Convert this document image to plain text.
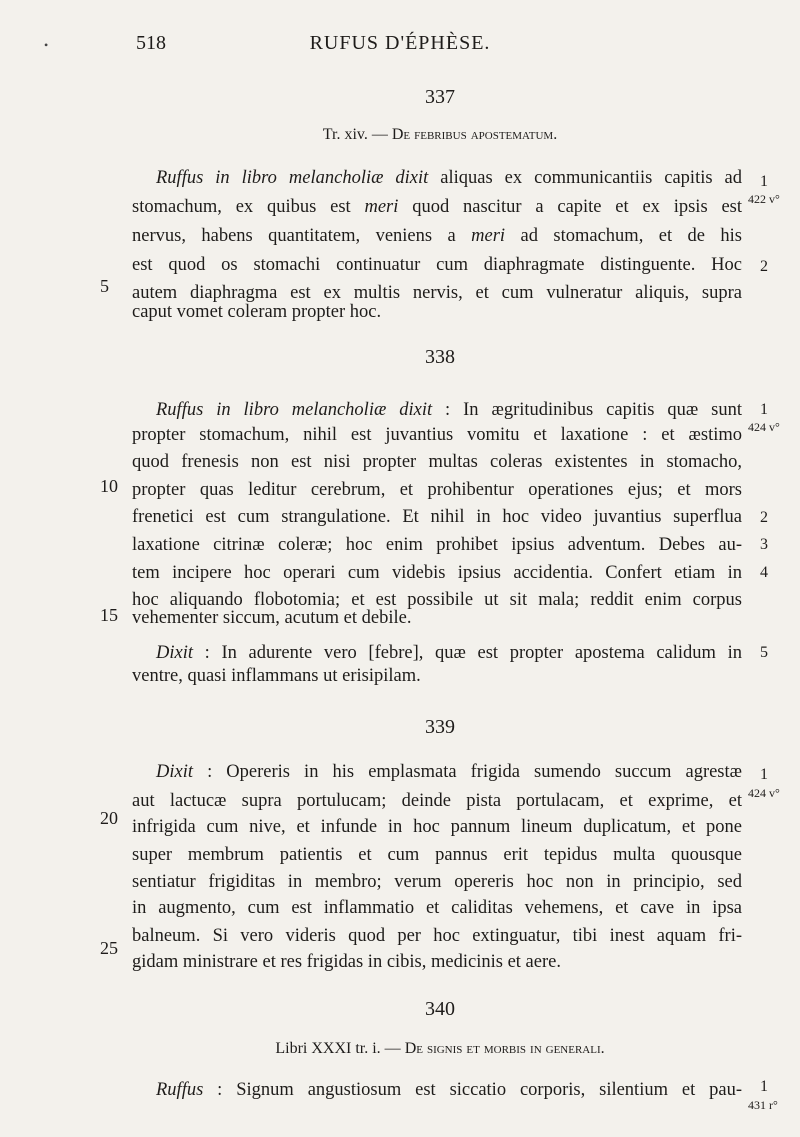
518	RUFUS D'ÉPHÈSE.
•
337
Tr. xiv. — De febribus apostematum.
Ruffus in libro melancholiæ dixit aliquas ex communicantiis capitis ad
stomachum, ex quibus est meri quod nascitur a capite et ex ipsis est
nervus, habens quantitatem, veniens a meri ad stomachum, et de his
est quod os stomachi continuatur cum diaphragmate distinguente. Hoc
autem diaphragma est ex multis nervis, et cum vulneratur aliquis, supra
caput vomet coleram propter hoc.
338
Ruffus in libro melancholiæ dixit : In ægritudinibus capitis quæ sunt
propter stomachum, nihil est juvantius vomitu et laxatione : et æstimo
quod frenesis non est nisi propter multas coleras existentes in stomacho,
propter quas leditur cerebrum, et prohibentur operationes ejus; et mors
frenetici est cum strangulatione. Et nihil in hoc video juvantius superflua
laxatione citrinæ coleræ; hoc enim prohibet ipsius adventum. Debes au-
tem incipere hoc operari cum videbis ipsius accidentia. Confert etiam in
hoc aliquando flobotomia; et est possibile ut sit mala; reddit enim corpus
vehementer siccum, acutum et debile.
Dixit : In adurente vero [febre], quæ est propter apostema calidum in
ventre, quasi inflammans ut erisipilam.
339
Dixit : Opereris in his emplasmata frigida sumendo succum agrestæ
aut lactucæ supra portulucam; deinde pista portulacam, et exprime, et
infrigida cum nive, et infunde in hoc pannum lineum duplicatum, et pone
super membrum patientis et cum pannus erit tepidus multa quousque
sentiatur frigiditas in membro; verum opereris hoc non in principio, sed
in augmento, cum est inflammatio et caliditas vehemens, et cave in ipsa
balneum. Si vero videris quod per hoc extinguatur, tibi inest aquam fri-
gidam ministrare et res frigidas in cibis, medicinis et aere.
340
Libri XXXI tr. i. — De signis et morbis in generali.
Ruffus : Signum angustiosum est siccatio corporis, silentium et pau-
5
10
15
20
25
1
2
1
2
3
4
5
1
1
422 v°
424 v°
424 v°
431 r°
